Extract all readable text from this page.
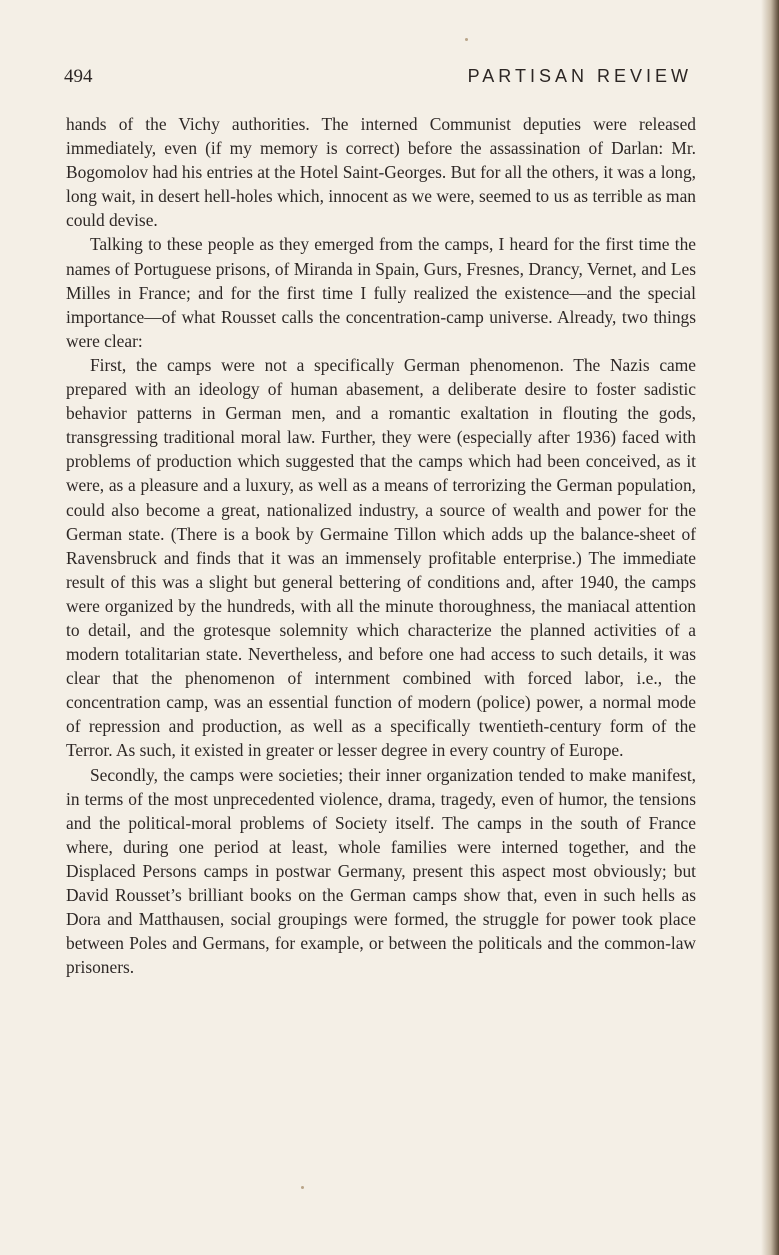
494	PARTISAN REVIEW

hands of the Vichy authorities. The interned Communist deputies were released immediately, even (if my memory is correct) before the assassination of Darlan: Mr. Bogomolov had his entries at the Hotel Saint-Georges. But for all the others, it was a long, long wait, in desert hell-holes which, innocent as we were, seemed to us as terrible as man could devise.

Talking to these people as they emerged from the camps, I heard for the first time the names of Portuguese prisons, of Miranda in Spain, Gurs, Fresnes, Drancy, Vernet, and Les Milles in France; and for the first time I fully realized the existence—and the special importance—of what Rousset calls the concentration-camp universe. Already, two things were clear:

First, the camps were not a specifically German phenomenon. The Nazis came prepared with an ideology of human abasement, a deliberate desire to foster sadistic behavior patterns in German men, and a romantic exaltation in flouting the gods, transgressing traditional moral law. Further, they were (especially after 1936) faced with problems of production which suggested that the camps which had been conceived, as it were, as a pleasure and a luxury, as well as a means of terrorizing the German population, could also become a great, nationalized industry, a source of wealth and power for the German state. (There is a book by Germaine Tillon which adds up the balance-sheet of Ravensbruck and finds that it was an immensely profitable enterprise.) The immediate result of this was a slight but general bettering of conditions and, after 1940, the camps were organized by the hundreds, with all the minute thoroughness, the maniacal attention to detail, and the grotesque solemnity which characterize the planned activities of a modern totalitarian state. Nevertheless, and before one had access to such details, it was clear that the phenomenon of internment combined with forced labor, i.e., the concentration camp, was an essential function of modern (police) power, a normal mode of repression and production, as well as a specifically twentieth-century form of the Terror. As such, it existed in greater or lesser degree in every country of Europe.

Secondly, the camps were societies; their inner organization tended to make manifest, in terms of the most unprecedented violence, drama, tragedy, even of humor, the tensions and the political-moral problems of Society itself. The camps in the south of France where, during one period at least, whole families were interned together, and the Displaced Persons camps in postwar Germany, present this aspect most obviously; but David Rousset’s brilliant books on the German camps show that, even in such hells as Dora and Matthausen, social groupings were formed, the struggle for power took place between Poles and Germans, for example, or between the politicals and the common-law prisoners.
